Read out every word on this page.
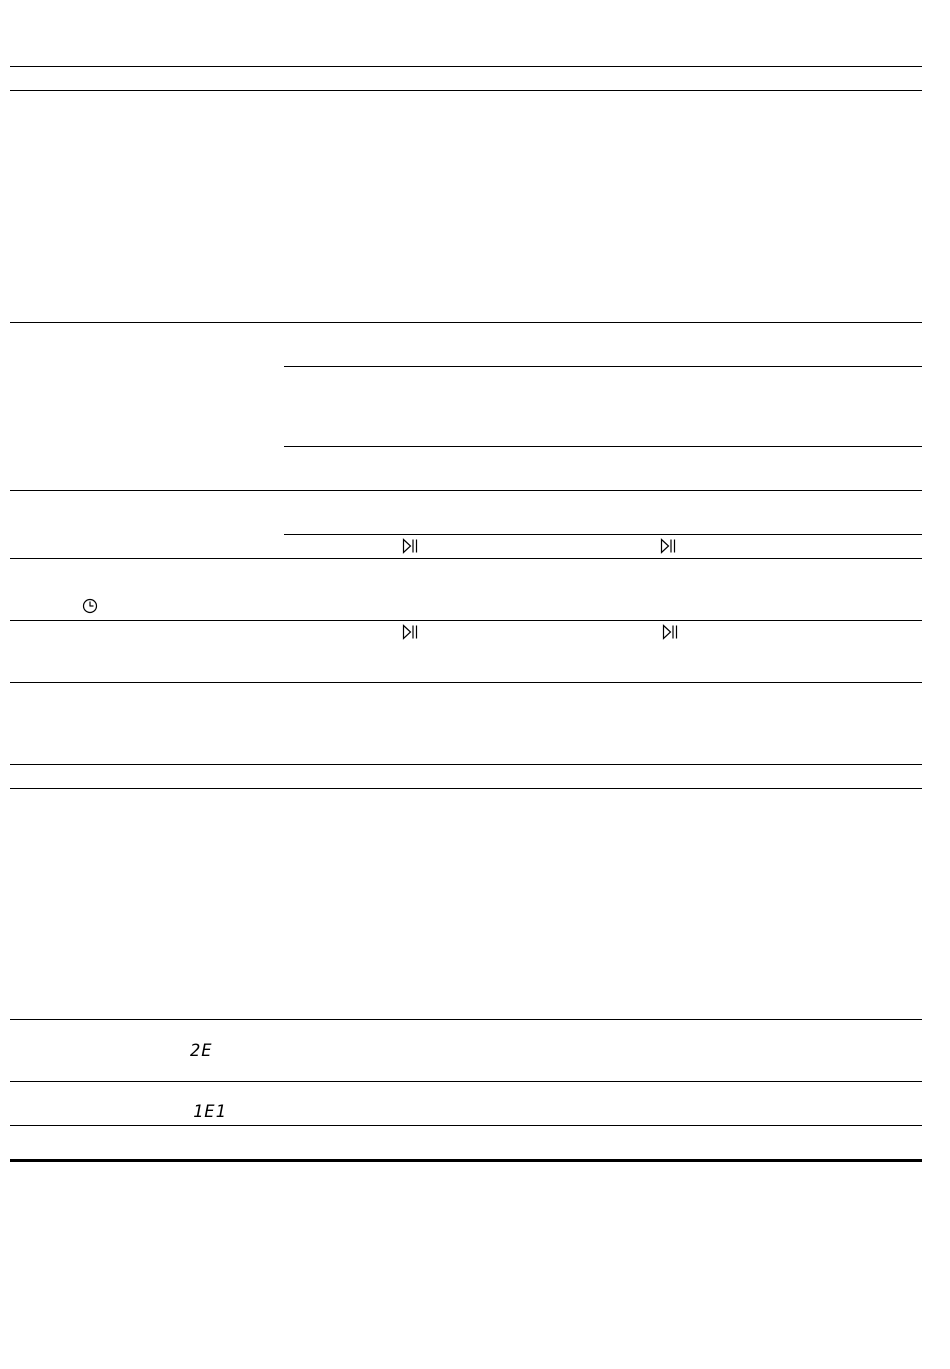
2E
1E1
